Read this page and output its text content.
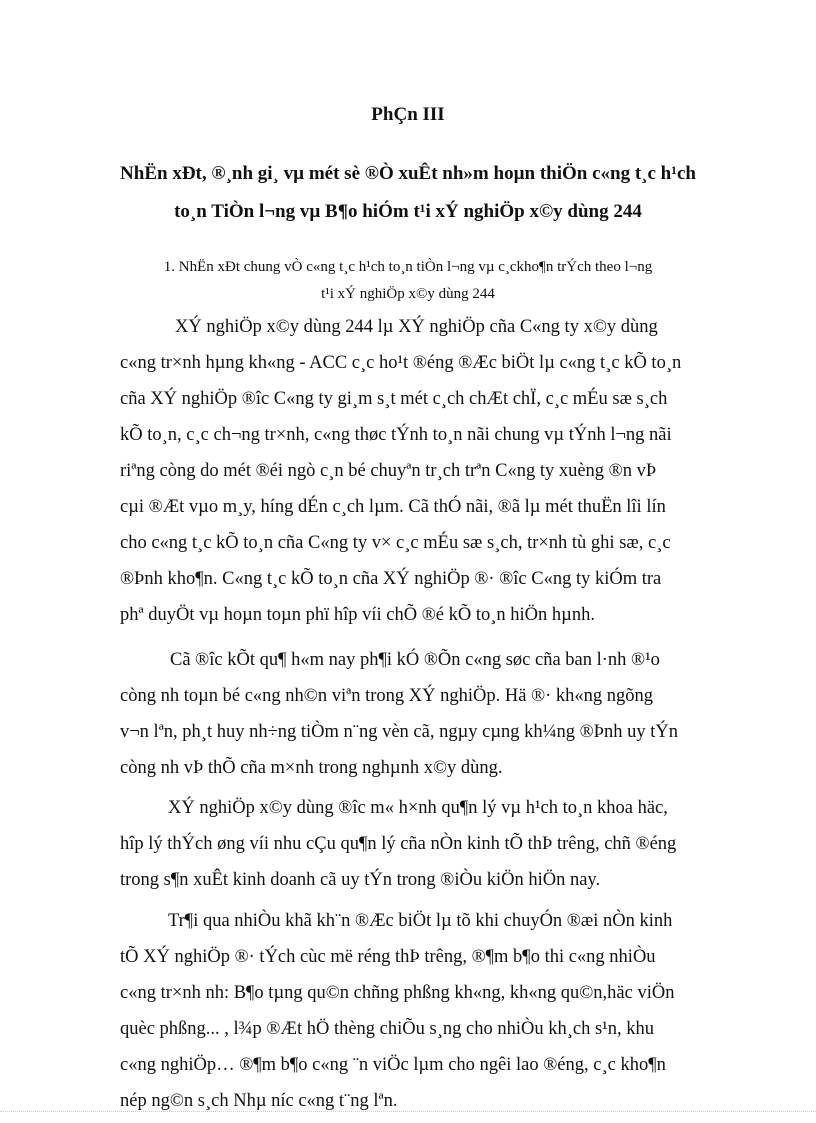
PhÇn III
NhËn xÐt, ®¸nh gi¸ vµ mét sè ®Ò xuÊt nh»m hoµn thiÖn c«ng t¸c h¹ch
to¸n TiÒn l¬ng vµ B¶o hiÓm t¹i xÝ nghiÖp x©y dùng 244
1. NhËn xÐt chung vÒ c«ng t¸c h¹ch to¸n tiÒn l¬ng vµ c¸ckho¶n trÝch theo l¬ng
t¹i xÝ nghiÖp x©y dùng 244
XÝ nghiÖp x©y dùng 244 lµ XÝ nghiÖp cña C«ng ty x©y dùng
c«ng tr×nh hµng kh«ng - ACC c¸c ho¹t ®éng ®Æc biÖt lµ c«ng t¸c kÕ to¸n
cña XÝ nghiÖp ®îc C«ng ty gi¸m s¸t mét c¸ch chÆt chÏ, c¸c mÉu sæ s¸ch
kÕ to¸n, c¸c ch¬ng tr×nh, c«ng thøc tÝnh to¸n nãi chung vµ tÝnh l¬ng nãi
riªng còng do mét ®éi ngò c¸n bé chuyªn tr¸ch trªn C«ng ty xuèng ®n vÞ
cµi ®Æt vµo m¸y, híng dÉn c¸ch lµm. Cã thÓ nãi, ®ã lµ mét thuËn lîi lín
cho c«ng t¸c kÕ to¸n cña C«ng ty v× c¸c mÉu sæ s¸ch, tr×nh tù ghi sæ, c¸c
®Þnh kho¶n. C«ng t¸c kÕ to¸n cña XÝ nghiÖp ®· ®îc C«ng ty kiÓm tra
phª duyÖt vµ hoµn toµn phï hîp víi chÕ ®é kÕ to¸n hiÖn hµnh.
Cã ®îc kÕt qu¶ h«m nay ph¶i kÓ ®Õn c«ng søc cña ban l·nh ®¹o
còng nh toµn bé c«ng nh©n viªn trong XÝ nghiÖp. Hä ®· kh«ng ngõng
v¬n lªn, ph¸t huy nh÷ng tiÒm n¨ng vèn cã, ngµy cµng kh¼ng ®Þnh uy tÝn
còng nh vÞ thÕ cña m×nh trong nghµnh x©y dùng.
XÝ nghiÖp x©y dùng ®îc m« h×nh qu¶n lý vµ h¹ch to¸n khoa häc,
hîp lý thÝch øng víi nhu cÇu qu¶n lý cña nÒn kinh tÕ thÞ trêng, chñ ®éng
trong s¶n xuÊt kinh doanh cã uy tÝn trong ®iÒu kiÖn hiÖn nay.
Tr¶i qua nhiÒu khã kh¨n ®Æc biÖt lµ tõ khi chuyÓn ®æi nÒn kinh
tÕ XÝ nghiÖp ®· tÝch cùc më réng thÞ trêng, ®¶m b¶o thi c«ng nhiÒu
c«ng tr×nh nh: B¶o tµng qu©n chñng phßng kh«ng, kh«ng qu©n,häc viÖn
quèc phßng... , l¾p ®Æt hÖ thèng chiÕu s¸ng cho nhiÒu kh¸ch s¹n, khu
c«ng nghiÖp… ®¶m b¶o c«ng ¨n viÖc lµm cho ngêi lao ®éng, c¸c kho¶n
nép ng©n s¸ch Nhµ níc c«ng t¨ng lªn.
